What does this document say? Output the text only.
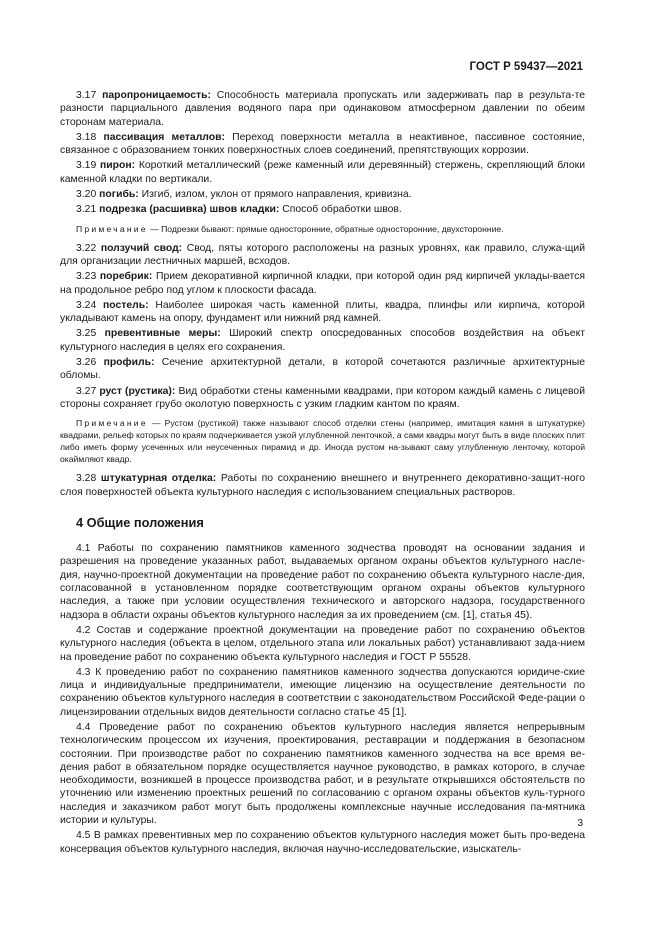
ГОСТ Р 59437—2021

3.17 паропроницаемость: Способность материала пропускать или задерживать пар в результа-те разности парциального давления водяного пара при одинаковом атмосферном давлении по обеим сторонам материала.

3.18 пассивация металлов: Переход поверхности металла в неактивное, пассивное состояние, связанное с образованием тонких поверхностных слоев соединений, препятствующих коррозии.

3.19 пирон: Короткий металлический (реже каменный или деревянный) стержень, скрепляющий блоки каменной кладки по вертикали.

3.20 погибь: Изгиб, излом, уклон от прямого направления, кривизна.

3.21 подрезка (расшивка) швов кладки: Способ обработки швов.

Примечание — Подрезки бывают: прямые односторонние, обратные односторонние, двухсторонние.

3.22 ползучий свод: Свод, пяты которого расположены на разных уровнях, как правило, служа-щий для организации лестничных маршей, всходов.

3.23 поребрик: Прием декоративной кирпичной кладки, при которой один ряд кирпичей уклады-вается на продольное ребро под углом к плоскости фасада.

3.24 постель: Наиболее широкая часть каменной плиты, квадра, плинфы или кирпича, которой укладывают камень на опору, фундамент или нижний ряд камней.

3.25 превентивные меры: Широкий спектр опосредованных способов воздействия на объект культурного наследия в целях его сохранения.

3.26 профиль: Сечение архитектурной детали, в которой сочетаются различные архитектурные обломы.

3.27 руст (рустика): Вид обработки стены каменными квадрами, при котором каждый камень с лицевой стороны сохраняет грубо околотую поверхность с узким гладким кантом по краям.

Примечание — Рустом (рустикой) также называют способ отделки стены (например, имитация камня в штукатурке) квадрами, рельеф которых по краям подчеркивается узкой углубленной ленточкой, а сами квадры могут быть в виде плоских плит либо иметь форму усеченных или неусеченных пирамид и др. Иногда рустом на-зывают саму углубленную ленточку, которой окаймляют квадр.

3.28 штукатурная отделка: Работы по сохранению внешнего и внутреннего декоративно-защит-ного слоя поверхностей объекта культурного наследия с использованием специальных растворов.

4 Общие положения

4.1 Работы по сохранению памятников каменного зодчества проводят на основании задания и разрешения на проведение указанных работ, выдаваемых органом охраны объектов культурного насле-дия, научно-проектной документации на проведение работ по сохранению объекта культурного насле-дия, согласованной в установленном порядке соответствующим органом охраны объектов культурного наследия, а также при условии осуществления технического и авторского надзора, государственного надзора в области охраны объектов культурного наследия за их проведением (см. [1], статья 45).

4.2 Состав и содержание проектной документации на проведение работ по сохранению объектов культурного наследия (объекта в целом, отдельного этапа или локальных работ) устанавливают зада-нием на проведение работ по сохранению объекта культурного наследия и ГОСТ Р 55528.

4.3 К проведению работ по сохранению памятников каменного зодчества допускаются юридиче-ские лица и индивидуальные предприниматели, имеющие лицензию на осуществление деятельности по сохранению объектов культурного наследия в соответствии с законодательством Российской Феде-рации о лицензировании отдельных видов деятельности согласно статье 45 [1].

4.4 Проведение работ по сохранению объектов культурного наследия является непрерывным технологическим процессом их изучения, проектирования, реставрации и поддержания в безопасном состоянии. При производстве работ по сохранению памятников каменного зодчества на все время ве-дения работ в обязательном порядке осуществляется научное руководство, в рамках которого, в случае необходимости, возникшей в процессе производства работ, и в результате открывшихся обстоятельств по уточнению или изменению проектных решений по согласованию с органом охраны объектов куль-турного наследия и заказчиком работ могут быть продолжены комплексные научные исследования па-мятника истории и культуры.

4.5 В рамках превентивных мер по сохранению объектов культурного наследия может быть про-ведена консервация объектов культурного наследия, включая научно-исследовательские, изыскатель-

3
